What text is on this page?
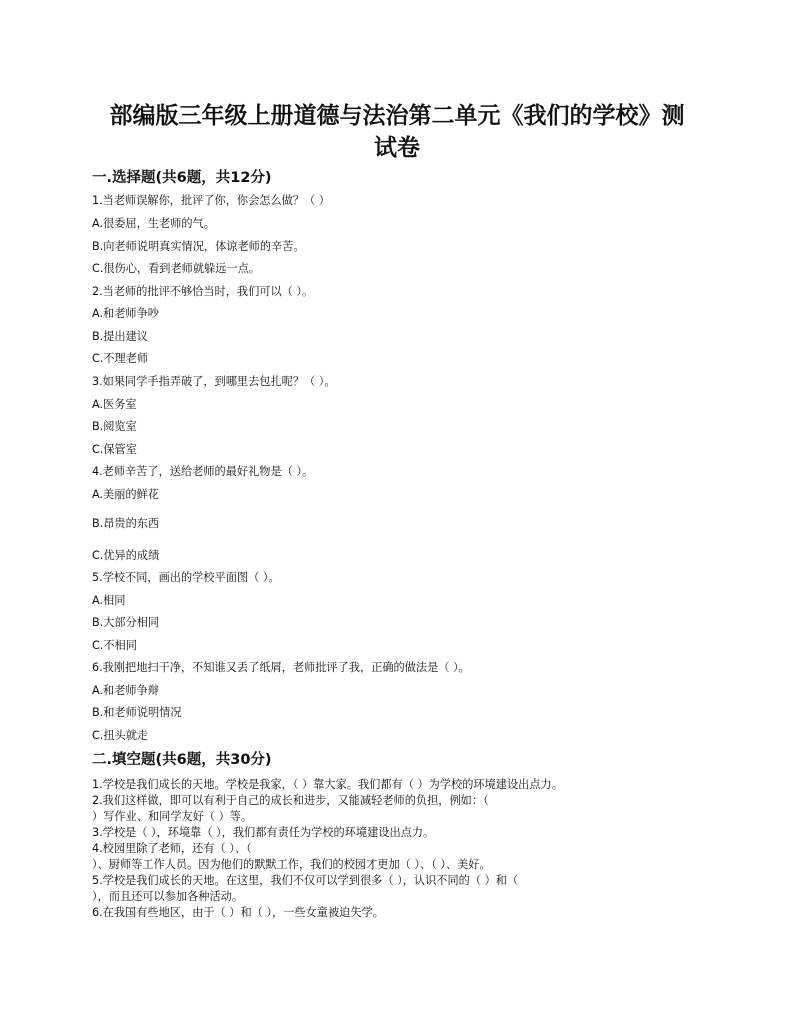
部编版三年级上册道德与法治第二单元《我们的学校》测
试卷
一.选择题(共6题，共12分)
1.当老师误解你，批评了你，你会怎么做？（ ）
A.很委屈，生老师的气。
B.向老师说明真实情况，体谅老师的辛苦。
C.很伤心，看到老师就躲远一点。
2.当老师的批评不够恰当时，我们可以（ ）。
A.和老师争吵
B.提出建议
C.不理老师
3.如果同学手指弄破了，到哪里去包扎呢？（ ）。
A.医务室
B.阅览室
C.保管室
4.老师辛苦了，送给老师的最好礼物是（ ）。
A.美丽的鲜花
B.昂贵的东西
C.优异的成绩
5.学校不同，画出的学校平面图（ ）。
A.相同
B.大部分相同
C.不相同
6.我刚把地扫干净，不知谁又丢了纸屑，老师批评了我，正确的做法是（ ）。
A.和老师争辩
B.和老师说明情况
C.扭头就走
二.填空题(共6题，共30分)
1.学校是我们成长的天地。学校是我家，（ ）靠大家。我们都有（ ）为学校的环境建设出点力。
2.我们这样做，即可以有利于自己的成长和进步，又能减轻老师的负担，例如：（
）写作业、和同学友好（ ）等。
3.学校是（ ），环境靠（ ），我们都有责任为学校的环境建设出点力。
4.校园里除了老师，还有（ ）、（
）、厨师等工作人员。因为他们的默默工作，我们的校园才更加（ ）、（ ）、美好。
5.学校是我们成长的天地。在这里，我们不仅可以学到很多（ ），认识不同的（ ）和（
），而且还可以参加各种活动。
6.在我国有些地区，由于（ ）和（ ），一些女童被迫失学。
